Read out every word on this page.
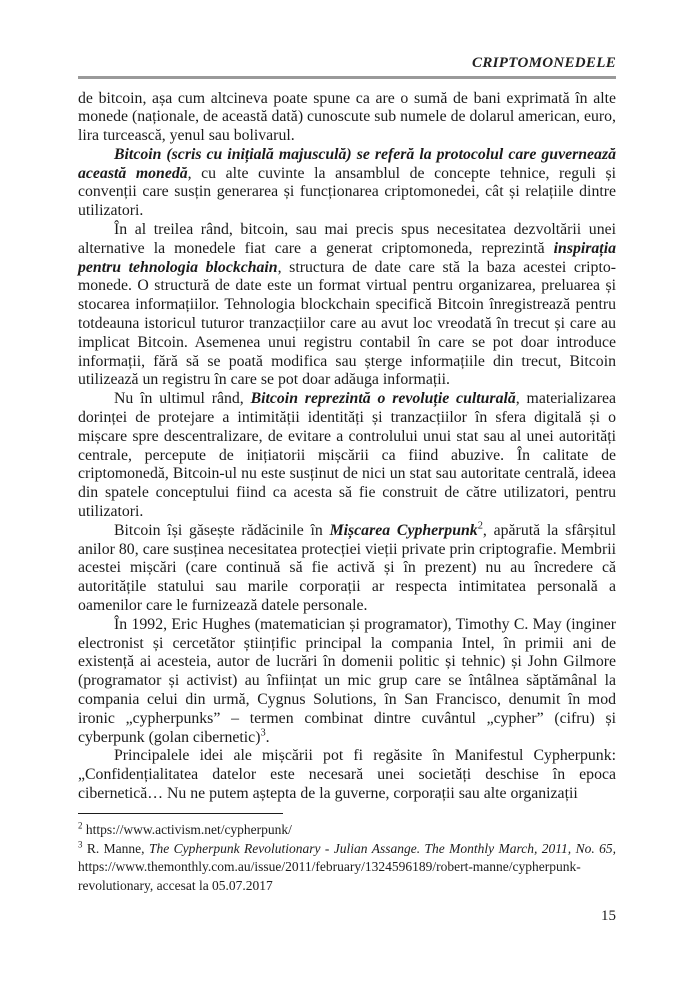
CRIPTOMONEDELE

de bitcoin, așa cum altcineva poate spune ca are o sumă de bani exprimată în alte monede (naționale, de această dată) cunoscute sub numele de dolarul american, euro, lira turcească, yenul sau bolivarul.

Bitcoin (scris cu inițială majusculă) se referă la protocolul care guvernează această monedă, cu alte cuvinte la ansamblul de concepte tehnice, reguli și convenții care susțin generarea și funcționarea criptomonedei, cât și relațiile dintre utilizatori.

În al treilea rând, bitcoin, sau mai precis spus necesitatea dezvoltării unei alternative la monedele fiat care a generat criptomoneda, reprezintă inspirația pentru tehnologia blockchain, structura de date care stă la baza acestei cripto-monede. O structură de date este un format virtual pentru organizarea, preluarea și stocarea informațiilor. Tehnologia blockchain specifică Bitcoin înregistrează pentru totdeauna istoricul tuturor tranzacțiilor care au avut loc vreodată în trecut și care au implicat Bitcoin. Asemenea unui registru contabil în care se pot doar introduce informații, fără să se poată modifica sau șterge informațiile din trecut, Bitcoin utilizează un registru în care se pot doar adăuga informații.

Nu în ultimul rând, Bitcoin reprezintă o revoluție culturală, materializarea dorinței de protejare a intimității identități și tranzacțiilor în sfera digitală și o mișcare spre descentralizare, de evitare a controlului unui stat sau al unei autorități centrale, percepute de inițiatorii mișcării ca fiind abuzive. În calitate de criptomonedă, Bitcoin-ul nu este susținut de nici un stat sau autoritate centrală, ideea din spatele conceptului fiind ca acesta să fie construit de către utilizatori, pentru utilizatori.

Bitcoin își găsește rădăcinile în Mișcarea Cypherpunk$^2$, apărută la sfârșitul anilor 80, care susținea necesitatea protecției vieții private prin criptografie. Membrii acestei mișcări (care continuă să fie activă și în prezent) nu au încredere că autoritățile statului sau marile corporații ar respecta intimitatea personală a oamenilor care le furnizează datele personale.

În 1992, Eric Hughes (matematician și programator), Timothy C. May (inginer electronist și cercetător științific principal la compania Intel, în primii ani de existență ai acesteia, autor de lucrări în domenii politic și tehnic) și John Gilmore (programator și activist) au înființat un mic grup care se întâlnea săptămânal la compania celui din urmă, Cygnus Solutions, în San Francisco, denumit în mod ironic „cypherpunks” – termen combinat dintre cuvântul „cypher” (cifru) și cyberpunk (golan cibernetic)$^3$.

Principalele idei ale mișcării pot fi regăsite în Manifestul Cypherpunk: „Confidențialitatea datelor este necesară unei societăți deschise în epoca cibernetică… Nu ne putem aștepta de la guverne, corporații sau alte organizații

$^2$ https://www.activism.net/cypherpunk/

$^3$ R. Manne, The Cypherpunk Revolutionary - Julian Assange. The Monthly March, 2011, No. 65, https://www.themonthly.com.au/issue/2011/february/1324596189/robert-manne/cypherpunk-revolutionary, accesat la 05.07.2017

15
